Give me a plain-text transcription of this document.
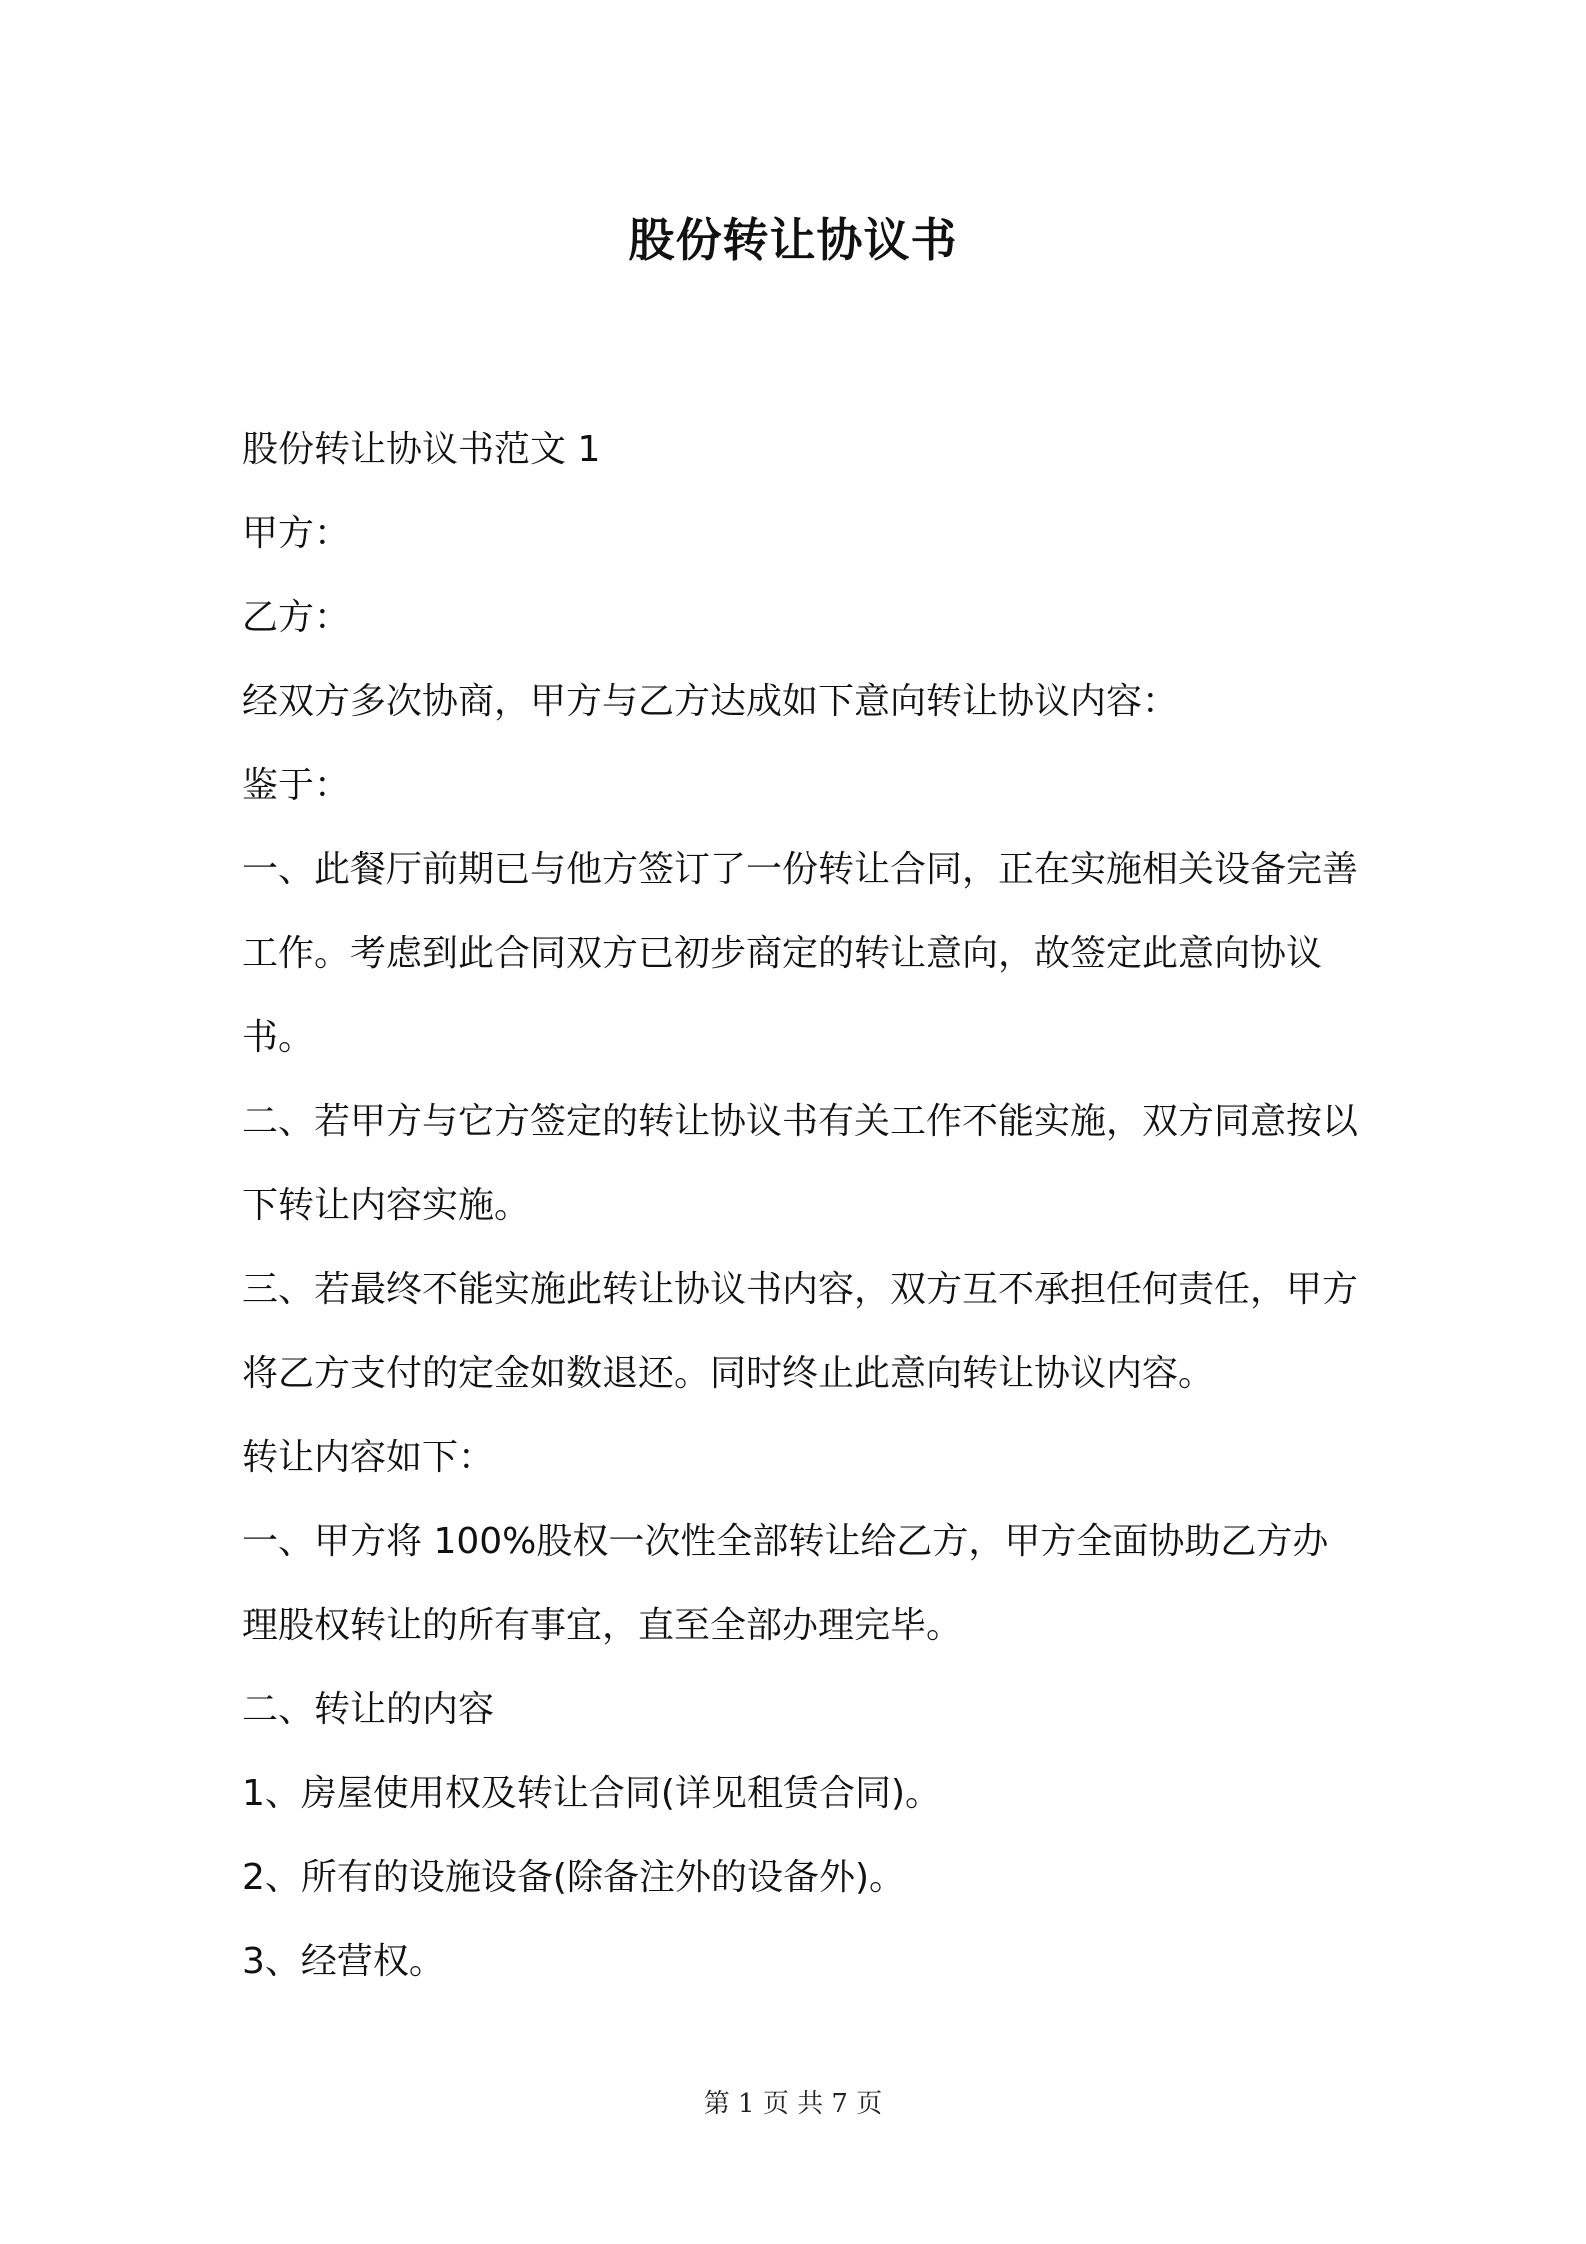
股份转让协议书

股份转让协议书范文 1

甲方：

乙方：

经双方多次协商，甲方与乙方达成如下意向转让协议内容：

鉴于：

一、此餐厅前期已与他方签订了一份转让合同，正在实施相关设备完善工作。考虑到此合同双方已初步商定的转让意向，故签定此意向协议书。

二、若甲方与它方签定的转让协议书有关工作不能实施，双方同意按以下转让内容实施。

三、若最终不能实施此转让协议书内容，双方互不承担任何责任，甲方将乙方支付的定金如数退还。同时终止此意向转让协议内容。

转让内容如下：

一、甲方将 100%股权一次性全部转让给乙方，甲方全面协助乙方办理股权转让的所有事宜，直至全部办理完毕。

二、转让的内容

1、房屋使用权及转让合同(详见租赁合同)。

2、所有的设施设备(除备注外的设备外)。

3、经营权。

第 1 页 共 7 页
